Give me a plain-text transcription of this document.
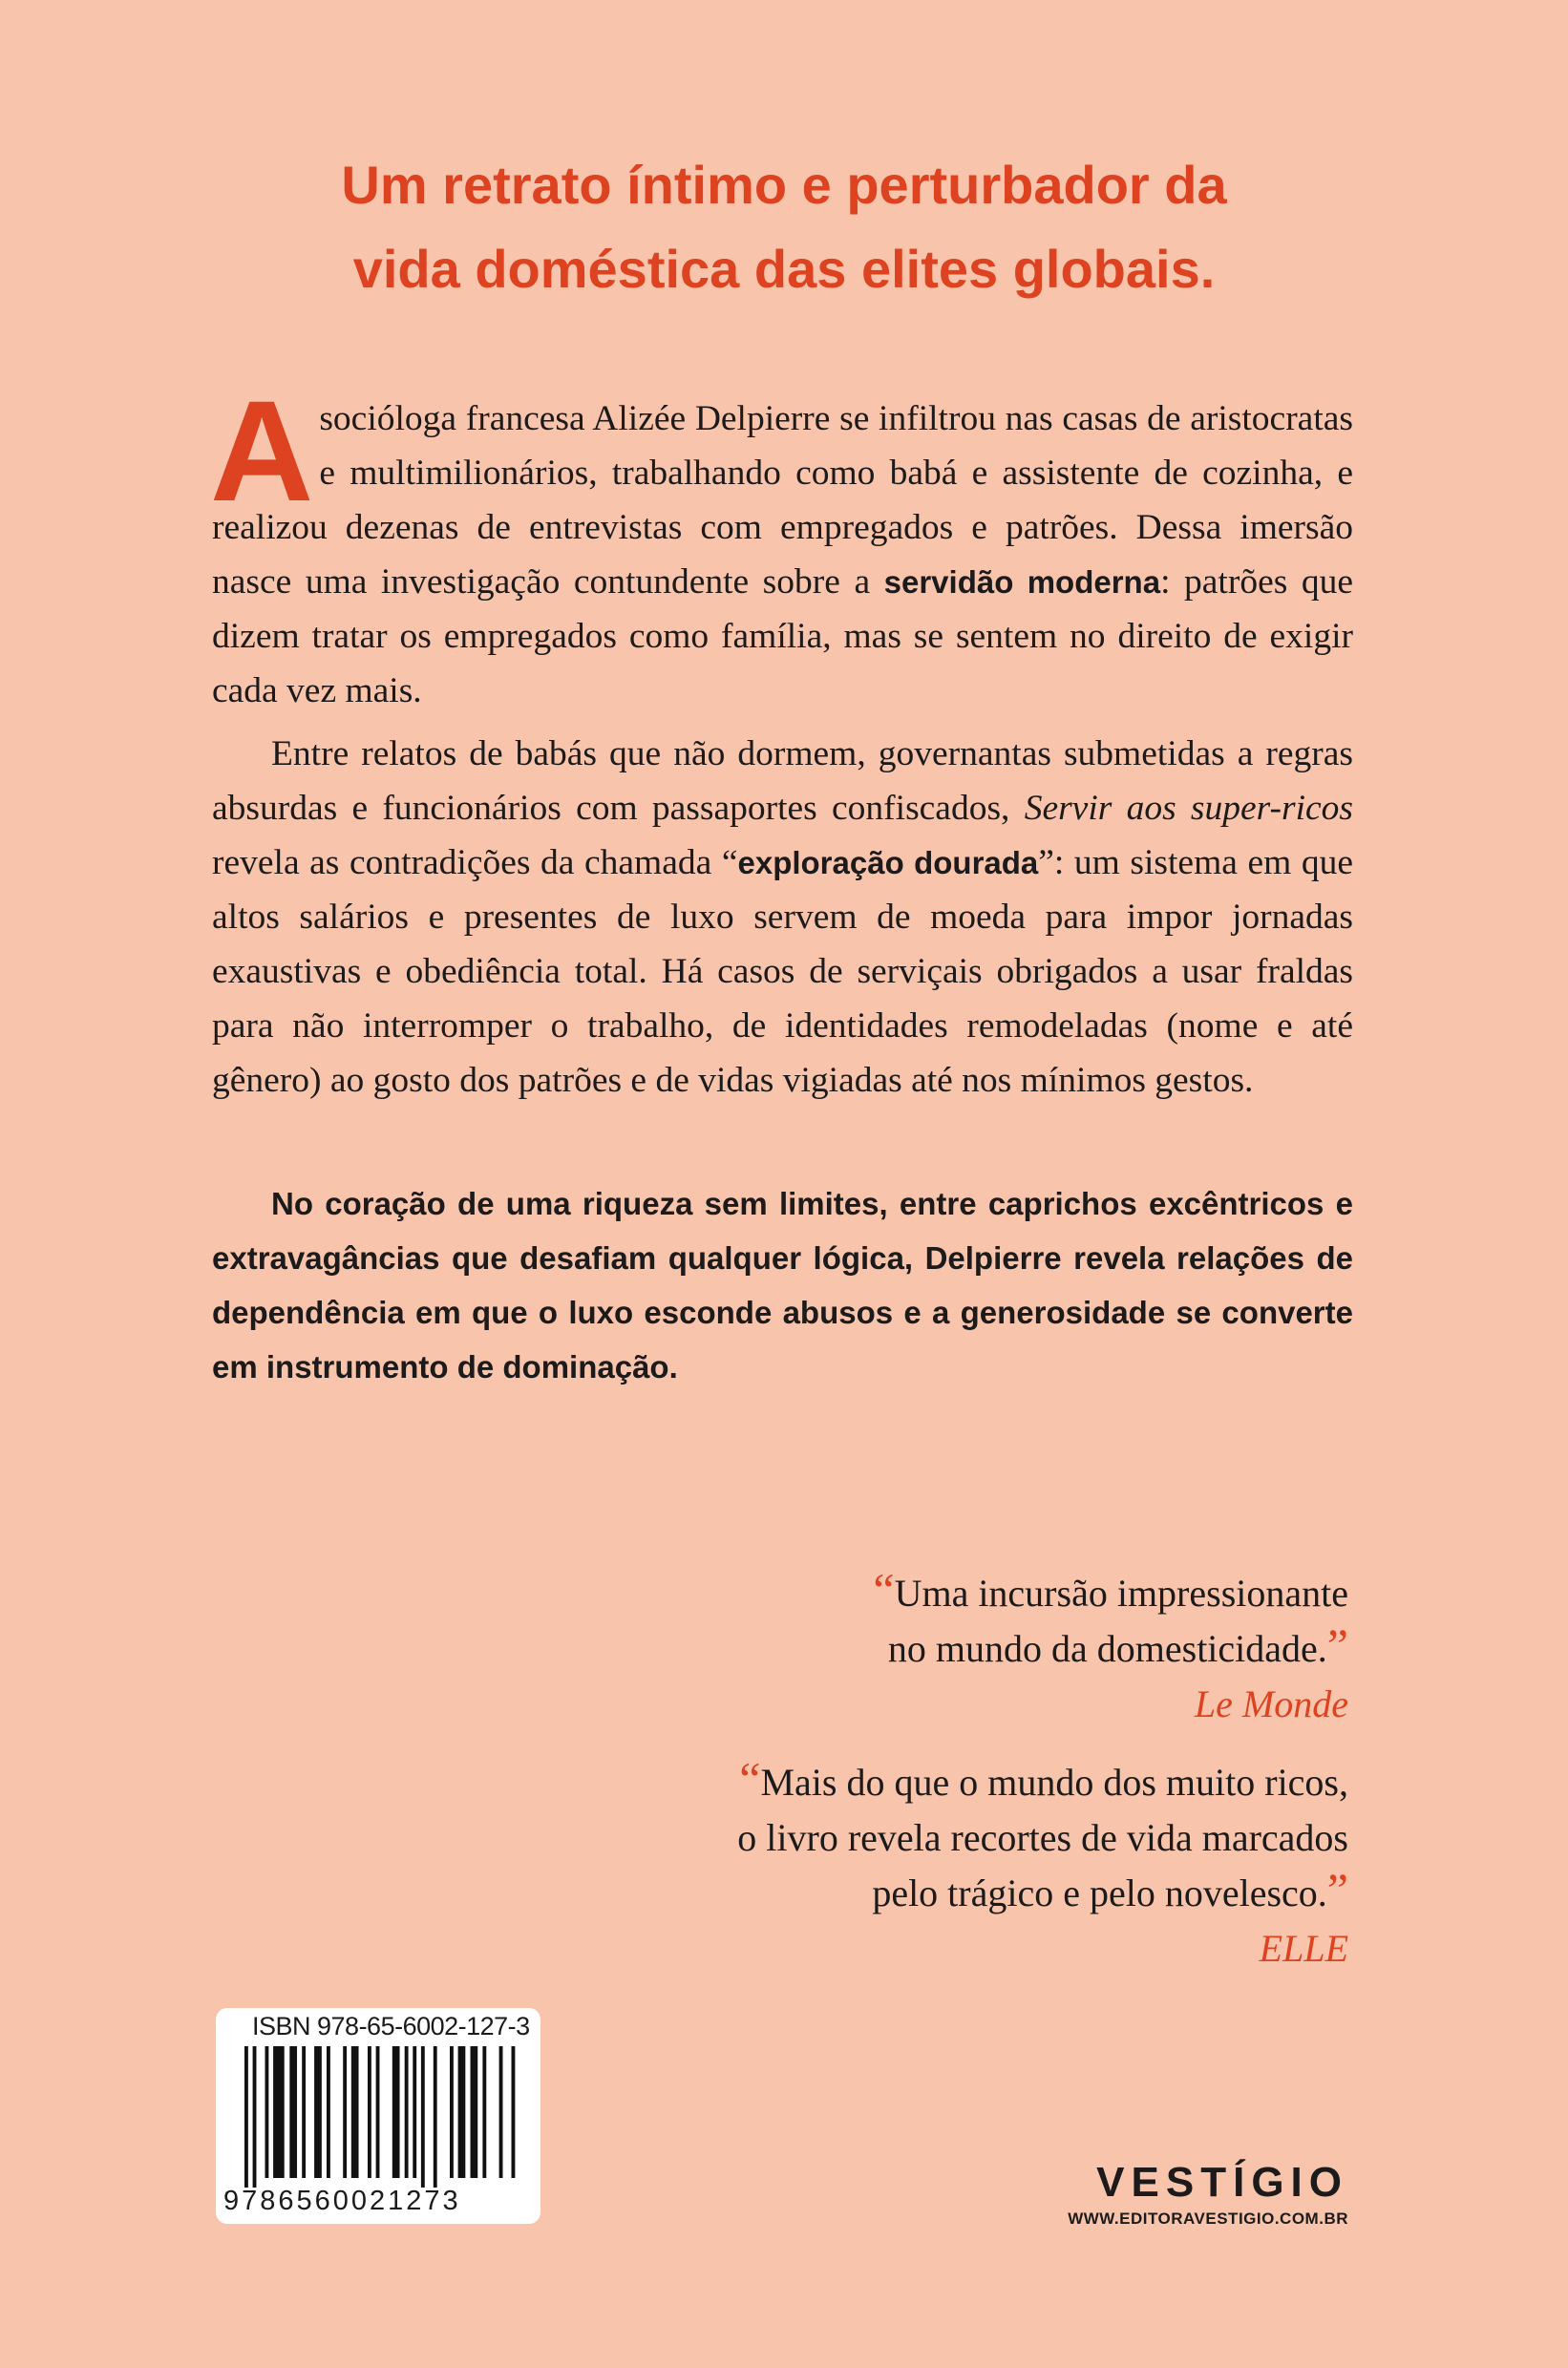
Um retrato íntimo e perturbador da
vida doméstica das elites globais.

Asocióloga francesa Alizée Delpierre se infiltrou nas casas de aristocratas e multimilionários, trabalhando como babá e assistente de cozinha, e realizou dezenas de entrevistas com empregados e patrões. Dessa imersão nasce uma investigação contundente sobre a servidão moderna: patrões que dizem tratar os empregados como família, mas se sentem no direito de exigir cada vez mais.

Entre relatos de babás que não dormem, governantas submetidas a regras absurdas e funcionários com passaportes confiscados, Servir aos super-ricos revela as contradições da chamada “exploração dourada”: um sistema em que altos salários e presentes de luxo servem de moeda para impor jornadas exaustivas e obediência total. Há casos de serviçais obrigados a usar fraldas para não interromper o trabalho, de identidades remodeladas (nome e até gênero) ao gosto dos patrões e de vidas vigiadas até nos mínimos gestos.

No coração de uma riqueza sem limites, entre caprichos excêntricos e extravagâncias que desafiam qualquer lógica, Delpierre revela relações de dependência em que o luxo esconde abusos e a generosidade se converte em instrumento de dominação.

“Uma incursão impressionante
no mundo da domesticidade.”
Le Monde
“Mais do que o mundo dos muito ricos,
o livro revela recortes de vida marcados
pelo trágico e pelo novelesco.”
ELLE
ISBN 978-65-6002-127-3
9786560021273	VESTÍGIO
WWW.EDITORAVESTIGIO.COM.BR
